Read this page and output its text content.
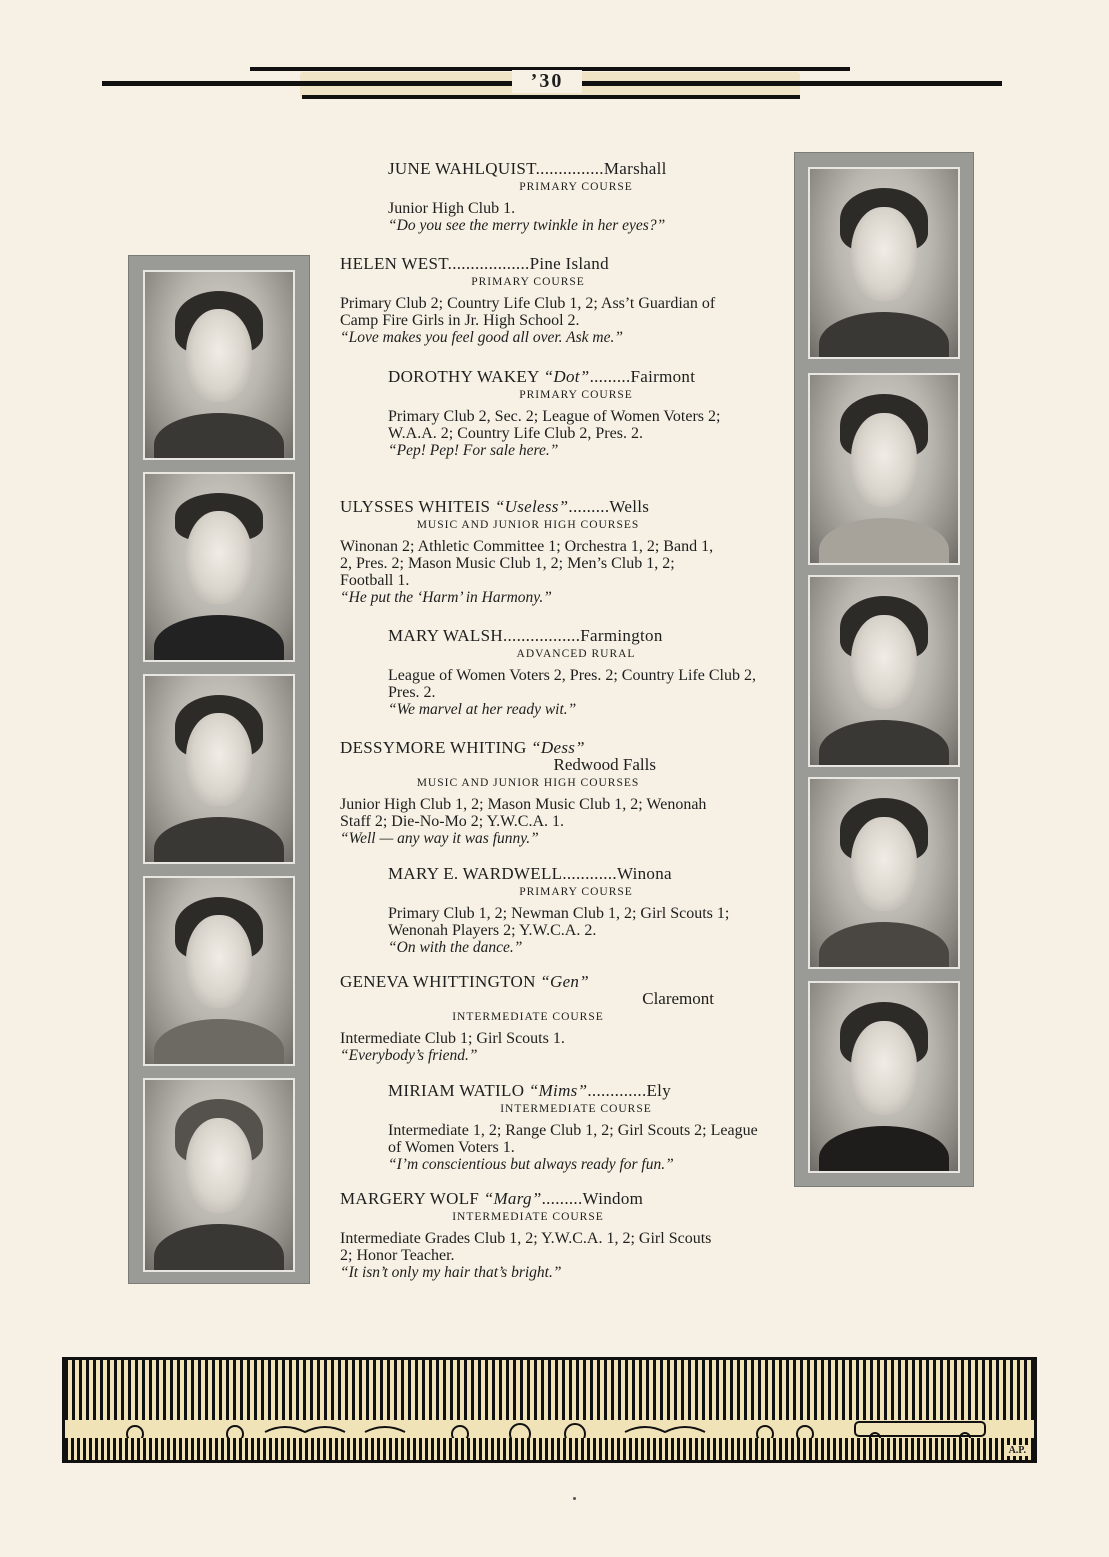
’30
JUNE WAHLQUIST...............Marshall
PRIMARY COURSE
Junior High Club 1.
“Do you see the merry twinkle in her eyes?”
HELEN WEST..................Pine Island
PRIMARY COURSE
Primary Club 2; Country Life Club 1, 2; Ass’t Guardian of Camp Fire Girls in Jr. High School 2.
“Love makes you feel good all over. Ask me.”
DOROTHY WAKEY “Dot”.........Fairmont
PRIMARY COURSE
Primary Club 2, Sec. 2; League of Women Voters 2; W.A.A. 2; Country Life Club 2, Pres. 2.
“Pep! Pep! For sale here.”
ULYSSES WHITEIS “Useless”.........Wells
MUSIC AND JUNIOR HIGH COURSES
Winonan 2; Athletic Committee 1; Orchestra 1, 2; Band 1, 2, Pres. 2; Mason Music Club 1, 2; Men’s Club 1, 2; Football 1.
“He put the ‘Harm’ in Harmony.”
MARY WALSH.................Farmington
ADVANCED RURAL
League of Women Voters 2, Pres. 2; Country Life Club 2, Pres. 2.
“We marvel at her ready wit.”
DESSYMORE WHITING “Dess”
Redwood Falls
MUSIC AND JUNIOR HIGH COURSES
Junior High Club 1, 2; Mason Music Club 1, 2; Wenonah Staff 2; Die-No-Mo 2; Y.W.C.A. 1.
“Well — any way it was funny.”
MARY E. WARDWELL............Winona
PRIMARY COURSE
Primary Club 1, 2; Newman Club 1, 2; Girl Scouts 1; Wenonah Players 2; Y.W.C.A. 2.
“On with the dance.”
GENEVA WHITTINGTON “Gen”
Claremont
INTERMEDIATE COURSE
Intermediate Club 1; Girl Scouts 1.
“Everybody’s friend.”
MIRIAM WATILO “Mims”.............Ely
INTERMEDIATE COURSE
Intermediate 1, 2; Range Club 1, 2; Girl Scouts 2; League of Women Voters 1.
“I’m conscientious but always ready for fun.”
MARGERY WOLF “Marg”.........Windom
INTERMEDIATE COURSE
Intermediate Grades Club 1, 2; Y.W.C.A. 1, 2; Girl Scouts 2; Honor Teacher.
“It isn’t only my hair that’s bright.”
A.P.
